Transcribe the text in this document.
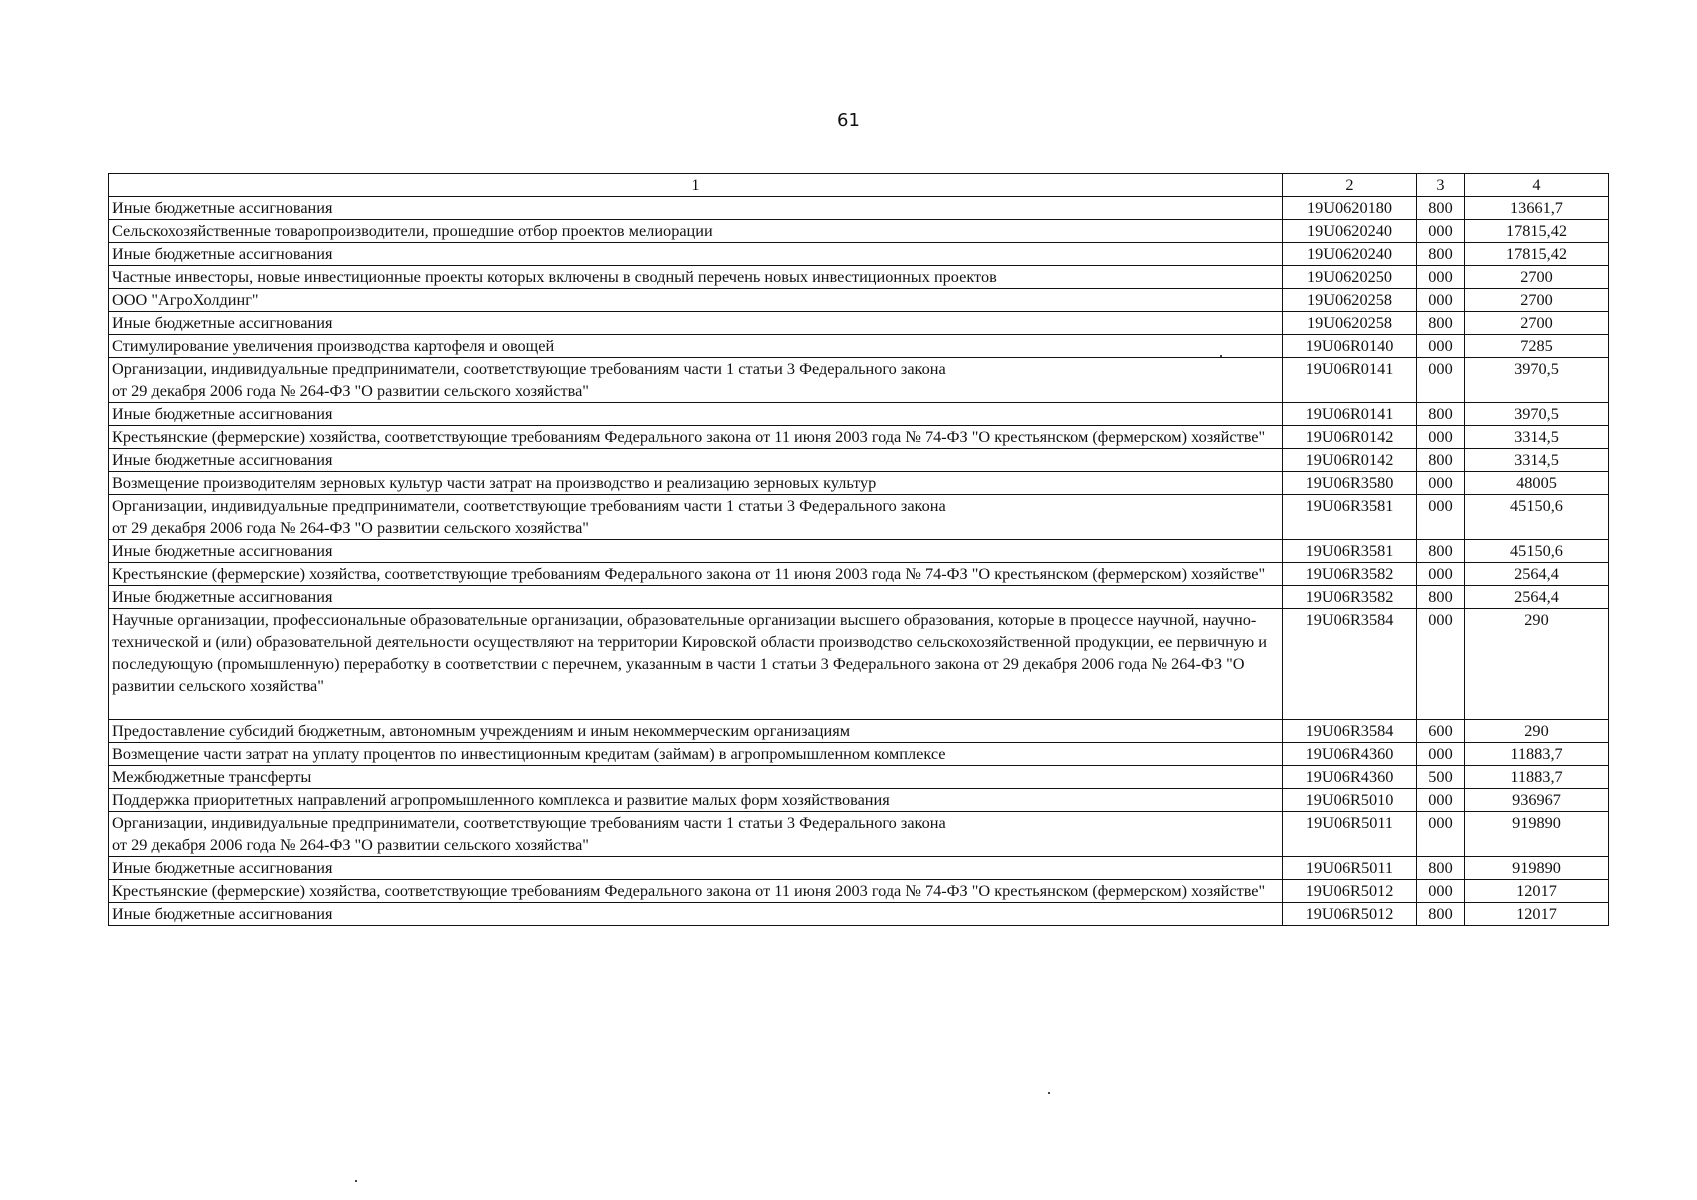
61
1	2	3	4
Иные бюджетные ассигнования	19U0620180	800	13661,7
Сельскохозяйственные товаропроизводители, прошедшие отбор проектов мелиорации	19U0620240	000	17815,42
Иные бюджетные ассигнования	19U0620240	800	17815,42
Частные инвесторы, новые инвестиционные проекты которых включены в сводный перечень новых инвестиционных проектов	19U0620250	000	2700
ООО "АгроХолдинг"	19U0620258	000	2700
Иные бюджетные ассигнования	19U0620258	800	2700
Стимулирование увеличения производства картофеля и овощей	19U06R0140	000	7285
Организации, индивидуальные предприниматели, соответствующие требованиям части 1 статьи 3 Федерального закона
от 29 декабря 2006 года № 264-ФЗ "О развитии сельского хозяйства"	19U06R0141	000	3970,5
Иные бюджетные ассигнования	19U06R0141	800	3970,5
Крестьянские (фермерские) хозяйства, соответствующие требованиям Федерального закона от 11 июня 2003 года № 74-ФЗ "О крестьянском (фермерском) хозяйстве"	19U06R0142	000	3314,5
Иные бюджетные ассигнования	19U06R0142	800	3314,5
Возмещение производителям зерновых культур части затрат на производство и реализацию зерновых культур	19U06R3580	000	48005
Организации, индивидуальные предприниматели, соответствующие требованиям части 1 статьи 3 Федерального закона
от 29 декабря 2006 года № 264-ФЗ "О развитии сельского хозяйства"	19U06R3581	000	45150,6
Иные бюджетные ассигнования	19U06R3581	800	45150,6
Крестьянские (фермерские) хозяйства, соответствующие требованиям Федерального закона от 11 июня 2003 года № 74-ФЗ "О крестьянском (фермерском) хозяйстве"	19U06R3582	000	2564,4
Иные бюджетные ассигнования	19U06R3582	800	2564,4
Научные организации, профессиональные образовательные организации, образовательные организации высшего образования, которые в процессе научной, научно-технической и (или) образовательной деятельности осуществляют на территории Кировской области производство сельскохозяйственной продукции, ее первичную и последующую (промышленную) переработку в соответствии с перечнем, указанным в части 1 статьи 3 Федерального закона от 29 декабря 2006 года № 264-ФЗ "О развитии сельского хозяйства"	19U06R3584	000	290
Предоставление субсидий бюджетным, автономным учреждениям и иным некоммерческим организациям	19U06R3584	600	290
Возмещение части затрат на уплату процентов по инвестиционным кредитам (займам) в агропромышленном комплексе	19U06R4360	000	11883,7
Межбюджетные трансферты	19U06R4360	500	11883,7
Поддержка приоритетных направлений агропромышленного комплекса и развитие малых форм хозяйствования	19U06R5010	000	936967
Организации, индивидуальные предприниматели, соответствующие требованиям части 1 статьи 3 Федерального закона
от 29 декабря 2006 года № 264-ФЗ "О развитии сельского хозяйства"	19U06R5011	000	919890
Иные бюджетные ассигнования	19U06R5011	800	919890
Крестьянские (фермерские) хозяйства, соответствующие требованиям Федерального закона от 11 июня 2003 года № 74-ФЗ "О крестьянском (фермерском) хозяйстве"	19U06R5012	000	12017
Иные бюджетные ассигнования	19U06R5012	800	12017
